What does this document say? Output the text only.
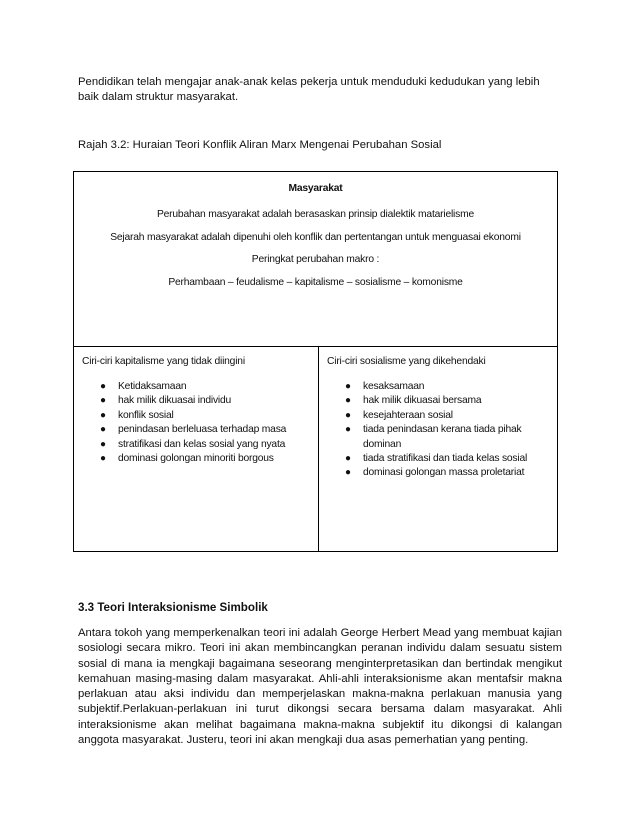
Pendidikan telah mengajar anak-anak kelas pekerja untuk menduduki kedudukan yang lebih baik dalam struktur masyarakat.

Rajah 3.2: Huraian Teori Konflik Aliran Marx Mengenai Perubahan Sosial

Masyarakat
Perubahan masyarakat adalah berasaskan prinsip dialektik matarielisme
Sejarah masyarakat adalah dipenuhi oleh konflik dan pertentangan untuk menguasai ekonomi
Peringkat perubahan makro :
Perhambaan – feudalisme – kapitalisme – sosialisme – komonisme
Ciri-ciri kapitalisme yang tidak diingini
● Ketidaksamaan
● hak milik dikuasai individu
● konflik sosial
● penindasan berleluasa terhadap masa
● stratifikasi dan kelas sosial yang nyata
● dominasi golongan minoriti borgous
Ciri-ciri sosialisme yang dikehendaki
● kesaksamaan
● hak milik dikuasai bersama
● kesejahteraan sosial
● tiada penindasan kerana tiada pihak dominan
● tiada stratifikasi dan tiada kelas sosial
● dominasi golongan massa proletariat
3.3 Teori Interaksionisme Simbolik

Antara tokoh yang memperkenalkan teori ini adalah George Herbert Mead yang membuat kajian sosiologi secara mikro. Teori ini akan membincangkan peranan individu dalam sesuatu sistem sosial di mana ia mengkaji bagaimana seseorang menginterpretasikan dan bertindak mengikut kemahuan masing-masing dalam masyarakat. Ahli-ahli interaksionisme akan mentafsir makna perlakuan atau aksi individu dan memperjelaskan makna-makna perlakuan manusia yang subjektif.Perlakuan-perlakuan ini turut dikongsi secara bersama dalam masyarakat. Ahli interaksionisme akan melihat bagaimana makna-makna subjektif itu dikongsi di kalangan anggota masyarakat. Justeru, teori ini akan mengkaji dua asas pemerhatian yang penting.
